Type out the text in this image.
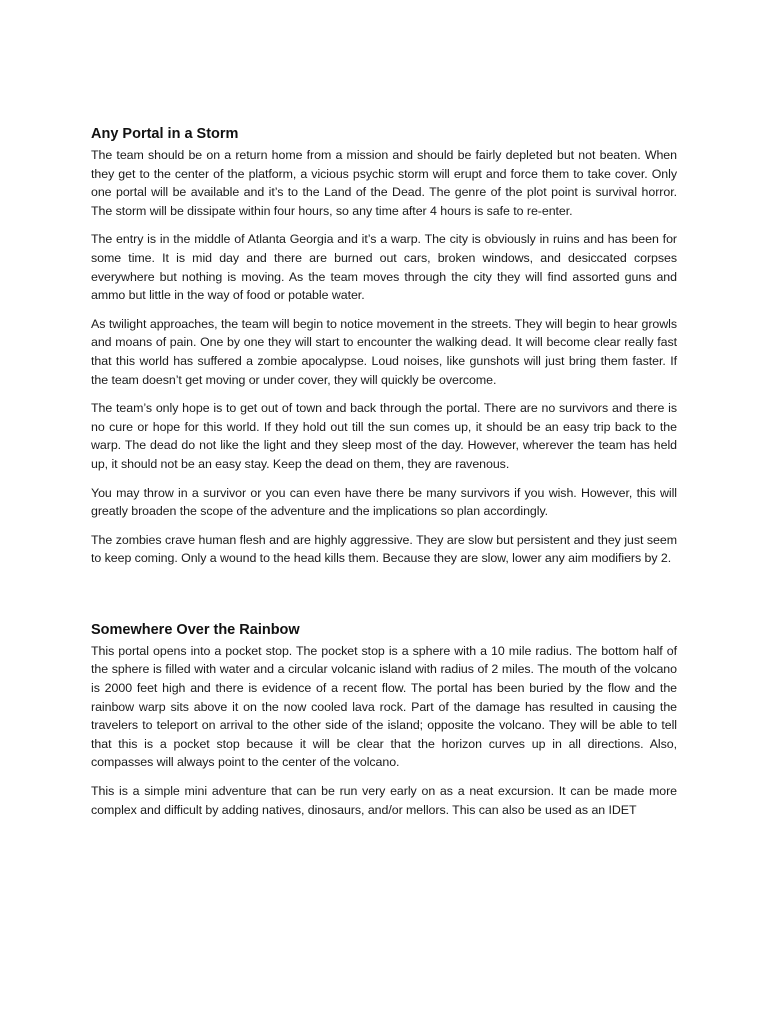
Any Portal in a Storm

The team should be on a return home from a mission and should be fairly depleted but not beaten. When they get to the center of the platform, a vicious psychic storm will erupt and force them to take cover. Only one portal will be available and it’s to the Land of the Dead. The genre of the plot point is survival horror. The storm will be dissipate within four hours, so any time after 4 hours is safe to re-enter.

The entry is in the middle of Atlanta Georgia and it’s a warp. The city is obviously in ruins and has been for some time. It is mid day and there are burned out cars, broken windows, and desiccated corpses everywhere but nothing is moving. As the team moves through the city they will find assorted guns and ammo but little in the way of food or potable water.

As twilight approaches, the team will begin to notice movement in the streets. They will begin to hear growls and moans of pain. One by one they will start to encounter the walking dead. It will become clear really fast that this world has suffered a zombie apocalypse. Loud noises, like gunshots will just bring them faster. If the team doesn’t get moving or under cover, they will quickly be overcome.

The team’s only hope is to get out of town and back through the portal. There are no survivors and there is no cure or hope for this world. If they hold out till the sun comes up, it should be an easy trip back to the warp. The dead do not like the light and they sleep most of the day. However, wherever the team has held up, it should not be an easy stay. Keep the dead on them, they are ravenous.

You may throw in a survivor or you can even have there be many survivors if you wish. However, this will greatly broaden the scope of the adventure and the implications so plan accordingly.

The zombies crave human flesh and are highly aggressive. They are slow but persistent and they just seem to keep coming. Only a wound to the head kills them. Because they are slow, lower any aim modifiers by 2.

Somewhere Over the Rainbow

This portal opens into a pocket stop. The pocket stop is a sphere with a 10 mile radius. The bottom half of the sphere is filled with water and a circular volcanic island with radius of 2 miles. The mouth of the volcano is 2000 feet high and there is evidence of a recent flow. The portal has been buried by the flow and the rainbow warp sits above it on the now cooled lava rock. Part of the damage has resulted in causing the travelers to teleport on arrival to the other side of the island; opposite the volcano. They will be able to tell that this is a pocket stop because it will be clear that the horizon curves up in all directions. Also, compasses will always point to the center of the volcano.

This is a simple mini adventure that can be run very early on as a neat excursion. It can be made more complex and difficult by adding natives, dinosaurs, and/or mellors. This can also be used as an IDET
